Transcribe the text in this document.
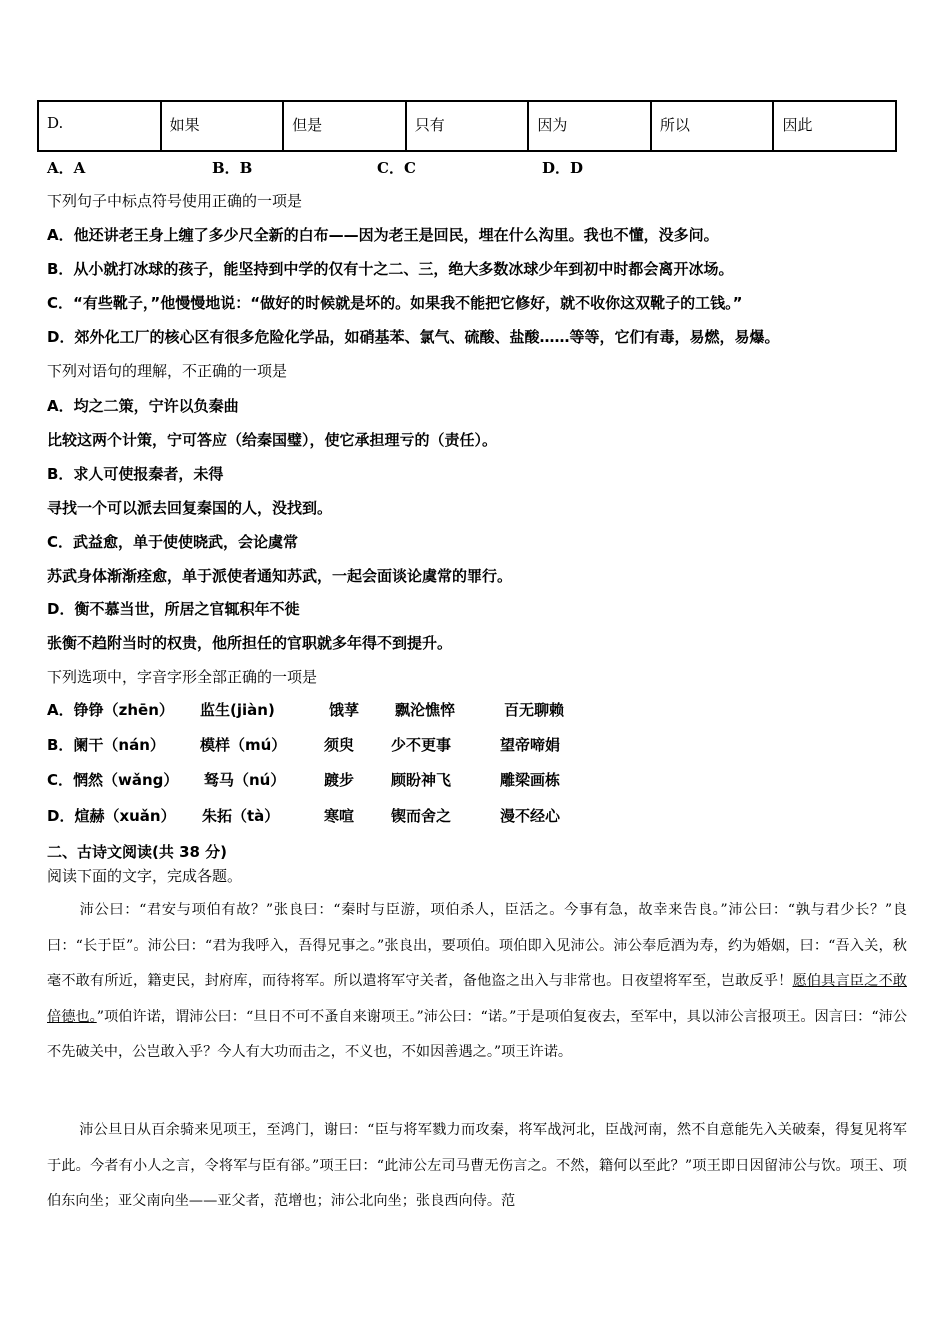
D.	如果	但是	只有	因为	所以	因此
A．A	B．B	C．C	D．D
下列句子中标点符号使用正确的一项是
A．他还讲老王身上缠了多少尺全新的白布——因为老王是回民，埋在什么沟里。我也不懂，没多问。
B．从小就打冰球的孩子，能坚持到中学的仅有十之二、三，绝大多数冰球少年到初中时都会离开冰场。
C．“有些靴子，”他慢慢地说：“做好的时候就是坏的。如果我不能把它修好，就不收你这双靴子的工钱。”
D．郊外化工厂的核心区有很多危险化学品，如硝基苯、氯气、硫酸、盐酸……等等，它们有毒，易燃，易爆。
下列对语句的理解，不正确的一项是
A．均之二策，宁许以负秦曲
比较这两个计策，宁可答应（给秦国璧），使它承担理亏的（责任）。
B．求人可使报秦者，未得
寻找一个可以派去回复秦国的人，没找到。
C．武益愈，单于使使晓武，会论虞常
苏武身体渐渐痊愈，单于派使者通知苏武，一起会面谈论虞常的罪行。
D．衡不慕当世，所居之官辄积年不徙
张衡不趋附当时的权贵，他所担任的官职就多年得不到提升。
下列选项中，字音字形全部正确的一项是
A．铮铮（zhēn） 监生(jiàn)	饿莩 飘沦憔悴	百无聊赖
B．阑干（nán） 模样（mú）	须臾 少不更事	望帝啼娟
C．惘然（wǎng） 驽马（nú）	踱步 顾盼神飞	雕梁画栋
D．煊赫（xuǎn） 朱拓（tà）	寒喧 锲而舍之	漫不经心
二、古诗文阅读(共 38 分)
阅读下面的文字，完成各题。
沛公曰：“君安与项伯有故？”张良曰：“秦时与臣游，项伯杀人，臣活之。今事有急，故幸来告良。”沛公曰：“孰与君少长？”良曰：“长于臣”。沛公曰：“君为我呼入，吾得兄事之。”张良出，要项伯。项伯即入见沛公。沛公奉卮酒为寿，约为婚姻，曰：“吾入关，秋毫不敢有所近，籍吏民，封府库，而待将军。所以遣将军守关者，备他盗之出入与非常也。日夜望将军至，岂敢反乎！愿伯具言臣之不敢倍德也。”项伯许诺，谓沛公曰：“旦日不可不蚤自来谢项王。”沛公曰：“诺。”于是项伯复夜去，至军中，具以沛公言报项王。因言曰：“沛公不先破关中，公岂敢入乎？今人有大功而击之，不义也，不如因善遇之。”项王许诺。
沛公旦日从百余骑来见项王，至鸿门，谢曰：“臣与将军戮力而攻秦，将军战河北，臣战河南，然不自意能先入关破秦，得复见将军于此。今者有小人之言，令将军与臣有郤。”项王曰：“此沛公左司马曹无伤言之。不然，籍何以至此？”项王即日因留沛公与饮。项王、项伯东向坐；亚父南向坐——亚父者，范增也；沛公北向坐；张良西向侍。范
